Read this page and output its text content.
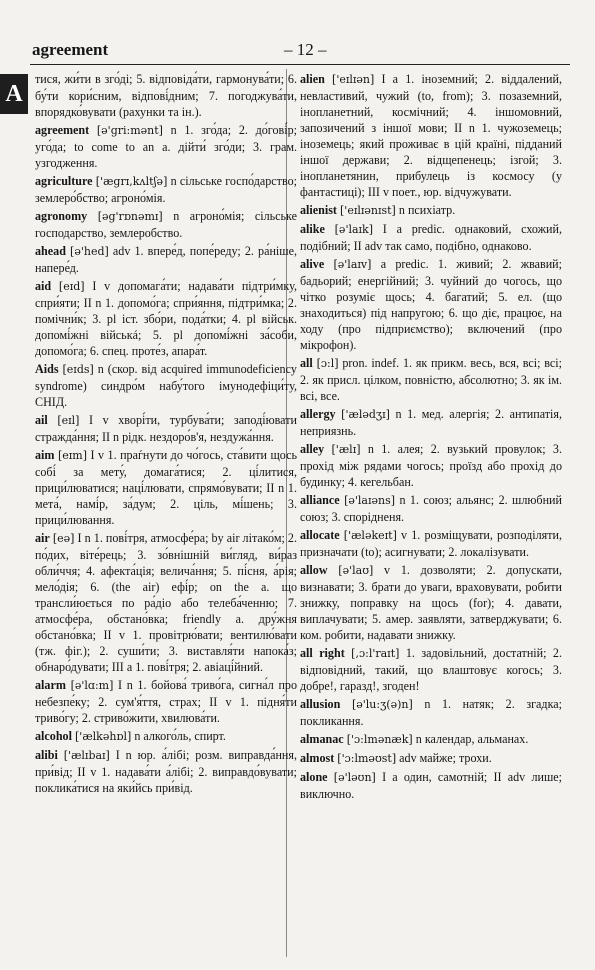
agreement	– 12 –
A
тися, жи́ти в зго́ді; 5. відповіда́ти, гармонува́ти; 6. бу́ти кори́сним, відпові́дним; 7. погоджува́ти, впорядко́вувати (рахунки та ін.).
agreement [ə'gri:mənt] n 1. зго́да; 2. до́гові́р; уго́да; to come to an a. дійти́ зго́ди; 3. грам. узгодження.
agriculture ['ægrɪ,kʌltʃə] n сільське госпо́дарство; землеро́бство; агроно́мія.
agronomy [əg'rɒnəmɪ] n агроно́мія; сільське господарство, землеробство.
ahead [ə'hed] adv 1. впере́д, попе́реду; 2. ра́ніше, напере́д.
aid [eɪd] I v допомага́ти; надава́ти підтри́мку, спри́яти; II n 1. допомо́га; спри́яння, підтри́мка; 2. помічни́к; 3. pl іст. збо́ри, пода́тки; 4. pl військ. допомі́жні військá; 5. pl допомі́жні за́соби, допомо́га; 6. спец. проте́з, апара́т.
Aids [eɪds] n (скор. від acquired immunodeficiency syndrome) синдро́м набу́того імунодефіци́ту, СНІД.
ail [eɪl] I v хворі́ти, турбува́ти; заподі́ювати стражда́ння; II n рідк. нездоро́в'я, нездужа́ння.
aim [eɪm] I v 1. праѓнути до чо́гось, ста́вити щось собі́ за мету́, домага́тися; 2. ці́литися, прици́люватися; наці́лювати, спрямо́вувати; II n 1. мета́, намі́р, за́дум; 2. ціль, мі́шень; 3. прици́лювання.
air [eə] I n 1. пові́тря, атмосфе́ра; by air літако́м; 2. по́дих, віте́рець; 3. зо́внішній ви́гляд, ви́раз обли́ччя; 4. афекта́ція; велича́ння; 5. пі́сня, а́рія; мело́дія; 6. (the air) ефі́р; on the a. що трансли́юється по ра́діо або телеба́ченню; 7. атмосфе́ра, обстано́вка; friendly a. дру́жня обстано́вка; II v 1. провітрю́вати; вентилю́вати (тж. фіг.); 2. суши́ти; 3. виставля́ти напока́з; обнаро́дувати; III a 1. пові́тря; 2. авіаці́йний.
alarm [ə'lɑ:m] I n 1. бойова́ триво́га, сигна́л про небезпе́ку; 2. сум'я́ття, страх; II v 1. підня́ти триво́гу; 2. стриво́жити, хвилюва́ти.
alcohol ['ælkəhɒl] n алкого́ль, спирт.
alibi ['ælɪbaɪ] I n юр. а́лібі; розм. виправда́ння, при́від; II v 1. надава́ти а́лібі; 2. виправдо́вувати; поклика́тися на яки́йсь при́від.
alien ['eɪlɪən] I a 1. іноземний; 2. віддалений, невластивий, чужий (to, from); 3. позаземний, інопланетний, космічний; 4. іншомовний, запозичений з іншої мови; II n 1. чужоземець; іноземець; який проживає в цій країні, підданий іншої держави; 2. відщепенець; ізгой; 3. інопланетянин, прибулець із космосу (у фантастиці); III v поет., юр. відчужувати.
alienist ['eɪlɪənɪst] n психіатр.
alike [ə'laɪk] I a predic. однаковий, схожий, подібний; II adv так само, подібно, однаково.
alive [ə'laɪv] a predic. 1. живий; 2. жвавий; бадьорий; енергійний; 3. чуйний до чогось, що чітко розуміє щось; 4. багатий; 5. ел. (що знаходиться) під напругою; 6. що діє, працює, на ходу (про підприємство); включений (про мікрофон).
all [ɔ:l] pron. indef. 1. як прикм. весь, вся, всі; всі; 2. як присл. цілком, повністю, абсолютно; 3. як ім. всі, все.
allergy ['ælədʒɪ] n 1. мед. алергія; 2. антипатія, неприязнь.
alley ['ælɪ] n 1. алея; 2. вузький провулок; 3. прохід між рядами чогось; проїзд або прохід до будинку; 4. кегельбан.
alliance [ə'laɪəns] n 1. союз; альянс; 2. шлюбний союз; 3. спорідненя.
allocate ['æləkeɪt] v 1. розміщувати, розподіляти, призначати (to); асигнувати; 2. локалізувати.
allow [ə'laʊ] v 1. дозволяти; 2. допускати, визнавати; 3. брати до уваги, враховувати, робити знижку, поправку на щось (for); 4. давати, виплачувати; 5. амер. заявляти, затверджувати; 6. ком. робити, надавати знижку.
all right [,ɔ:l'raɪt] 1. задовільний, достатній; 2. відповідний, такий, що влаштовує когось; 3. добре!, гаразд!, згоден!
allusion [ə'lu:ʒ(ə)n] n 1. натяк; 2. згадка; покликання.
almanac ['ɔ:lmənæk] n календар, альманах.
almost ['ɔ:lməʊst] adv майже; трохи.
alone [ə'ləʊn] I a один, самотній; II adv лише; виключно.
